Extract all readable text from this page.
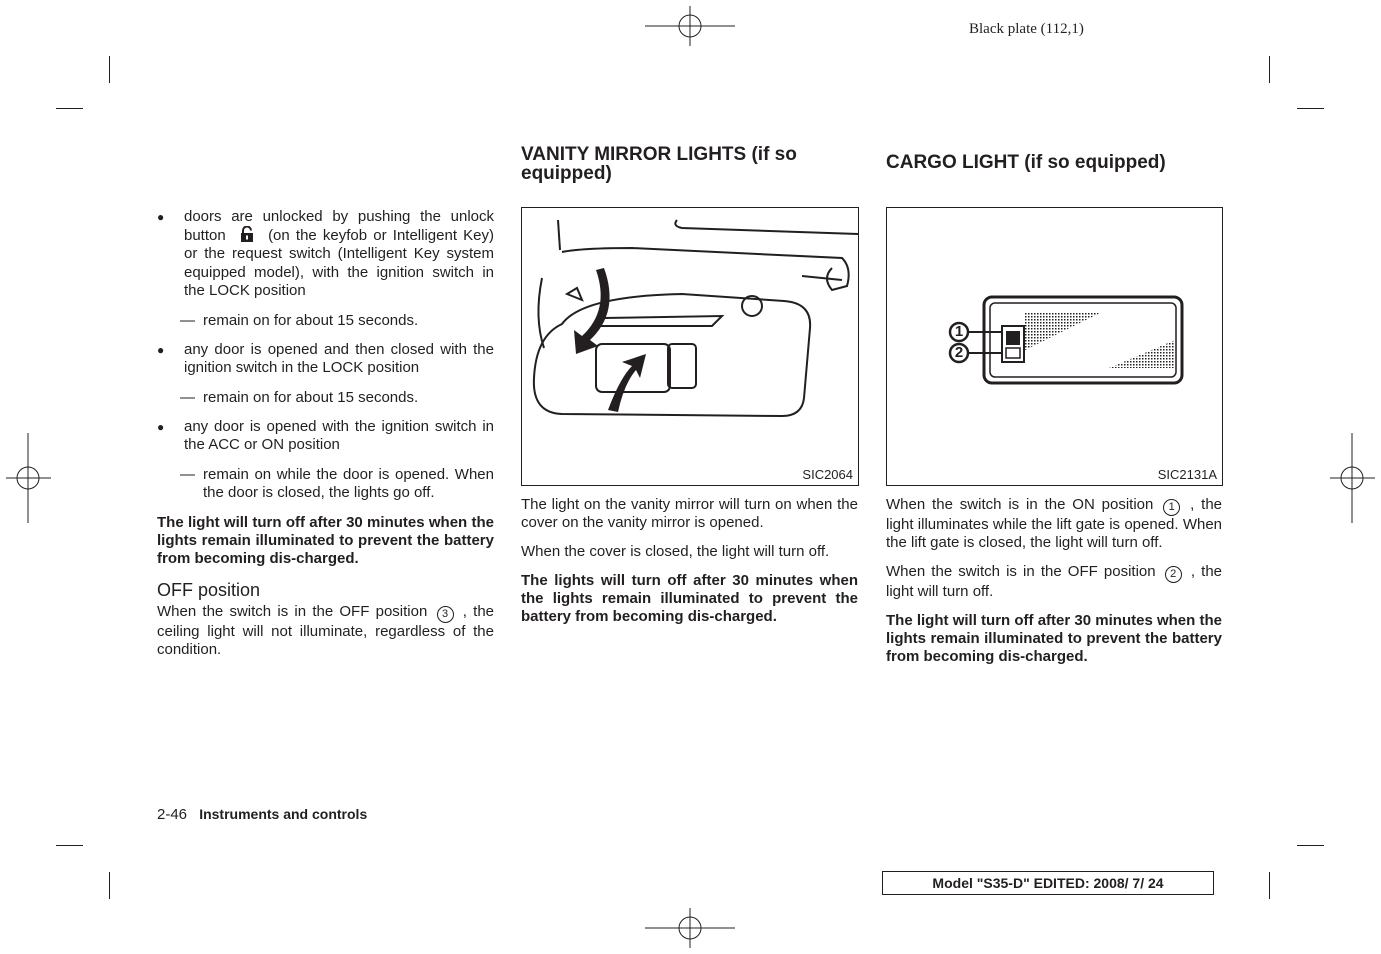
Black plate (112,1)

● doors are unlocked by pushing the unlock button	(on the keyfob or Intelligent Key) or the request switch (Intelligent Key system equipped model), with the ignition switch in the LOCK position

— remain on for about 15 seconds.

● any door is opened and then closed with the ignition switch in the LOCK position

— remain on for about 15 seconds.

● any door is opened with the ignition switch in the ACC or ON position

— remain on while the door is opened. When the door is closed, the lights go off.

The light will turn off after 30 minutes when the lights remain illuminated to prevent the battery from becoming dis-charged.

OFF position

When the switch is in the OFF position 3 , the ceiling light will not illuminate, regardless of the condition.

VANITY MIRROR LIGHTS (if so equipped)
SIC2064

The light on the vanity mirror will turn on when the cover on the vanity mirror is opened.

When the cover is closed, the light will turn off.

The lights will turn off after 30 minutes when the lights remain illuminated to prevent the battery from becoming dis-charged.

CARGO LIGHT (if so equipped)
1
2
SIC2131A

When the switch is in the ON position 1 , the light illuminates while the lift gate is opened. When the lift gate is closed, the light will turn off.

When the switch is in the OFF position 2 , the light will turn off.

The light will turn off after 30 minutes when the lights remain illuminated to prevent the battery from becoming dis-charged.

2-46 Instruments and controls
Model "S35-D" EDITED: 2008/ 7/ 24
